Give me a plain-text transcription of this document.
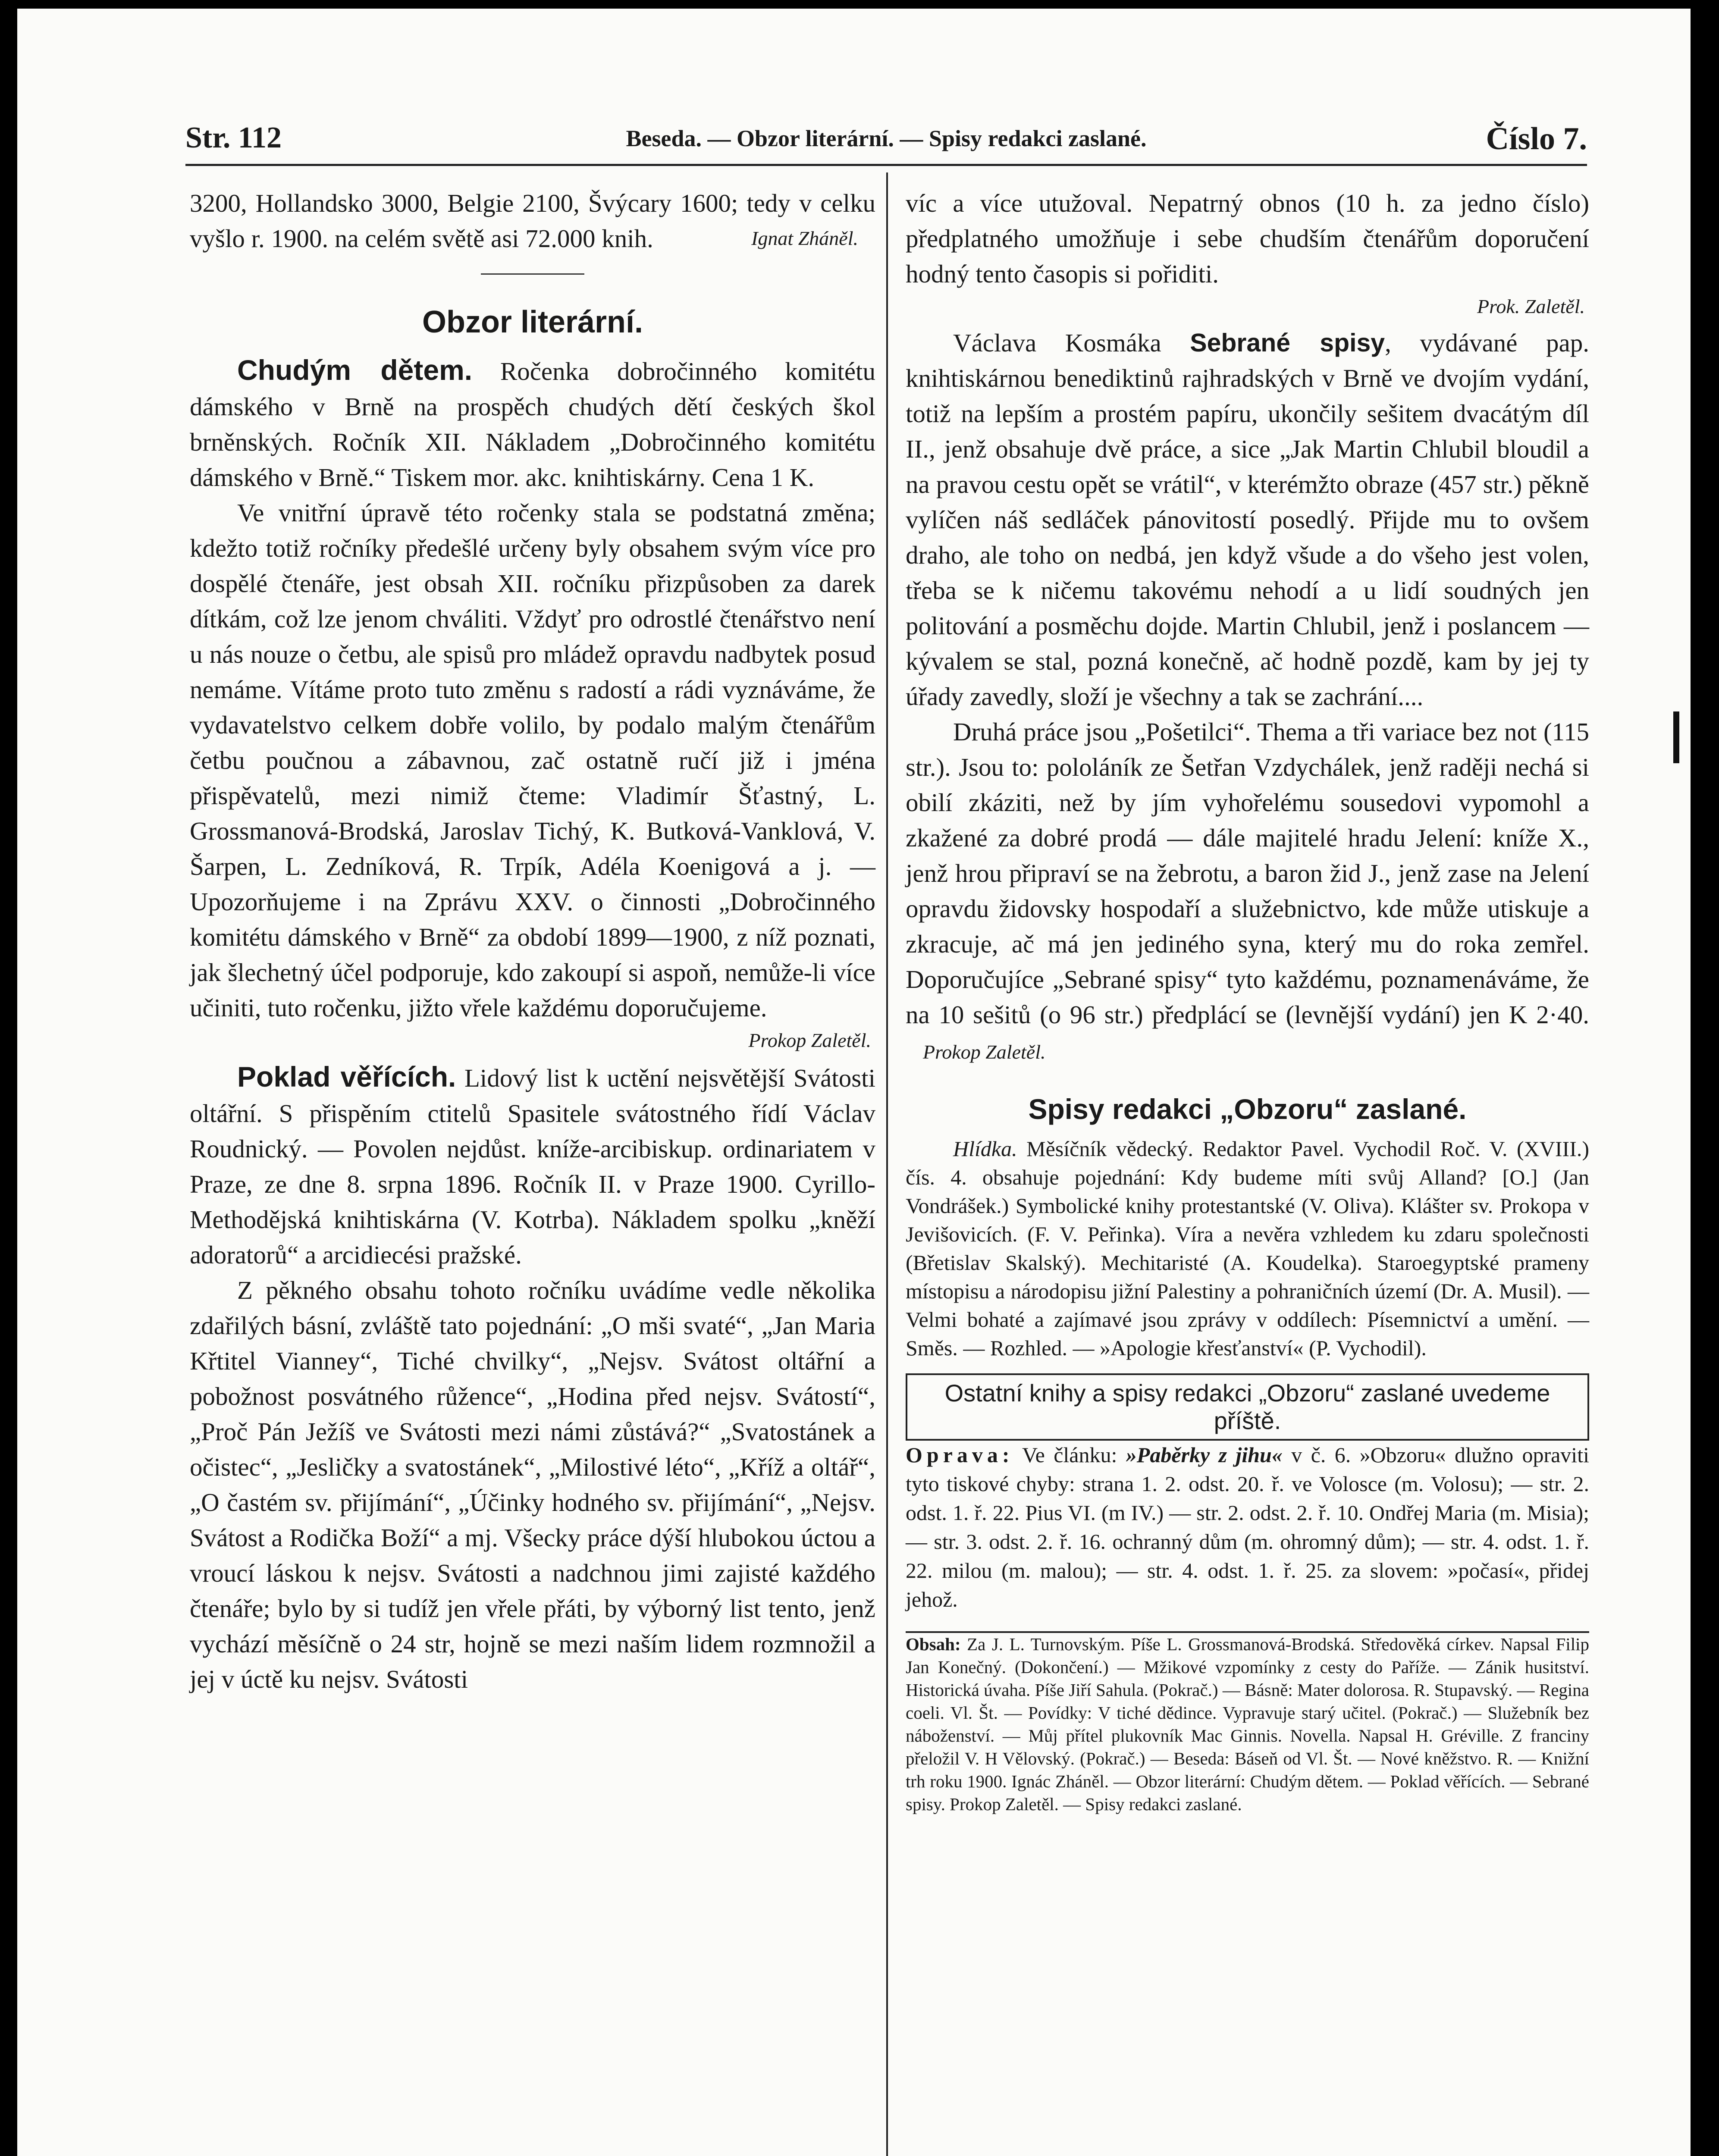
Str. 112	Beseda. — Obzor literární. — Spisy redakci zaslané.	Číslo 7.

3200, Hollandsko 3000, Belgie 2100, Švýcary 1600; tedy v celku vyšlo r. 1900. na celém světě asi 72.000 knih.	Ignat Zháněl.

Obzor literární.

Chudým dětem. Ročenka dobročinného komitétu dámského v Brně na prospěch chudých dětí českých škol brněnských. Ročník XII. Nákladem „Dobročinného komitétu dámského v Brně.“ Tiskem mor. akc. knihtiskárny. Cena 1 K.

Ve vnitřní úpravě této ročenky stala se podstatná změna; kdežto totiž ročníky předešlé určeny byly obsahem svým více pro dospělé čtenáře, jest obsah XII. ročníku přizpůsoben za darek dítkám, což lze jenom chváliti. Vždyť pro odrostlé čtenářstvo není u nás nouze o četbu, ale spisů pro mládež opravdu nadbytek posud nemáme. Vítáme proto tuto změnu s radostí a rádi vyznáváme, že vydavatelstvo celkem dobře volilo, by podalo malým čtenářům četbu poučnou a zábavnou, zač ostatně ručí již i jména přispěvatelů, mezi nimiž čteme: Vladimír Šťastný, L. Grossmanová-Brodská, Jaroslav Tichý, K. Butková-Vanklová, V. Šarpen, L. Zedníková, R. Trpík, Adéla Koenigová a j. — Upozorňujeme i na Zprávu XXV. o činnosti „Dobročinného komitétu dámského v Brně“ za období 1899—1900, z níž poznati, jak šlechetný účel podporuje, kdo zakoupí si aspoň, nemůže-li více učiniti, tuto ročenku, jižto vřele každému doporučujeme.

Prokop Zaletěl.

Poklad věřících. Lidový list k uctění nejsvětější Svátosti oltářní. S přispěním ctitelů Spasitele svátostného řídí Václav Roudnický. — Povolen nejdůst. kníže-arcibiskup. ordinariatem v Praze, ze dne 8. srpna 1896. Ročník II. v Praze 1900. Cyrillo-Methodějská knihtiskárna (V. Kotrba). Nákladem spolku „kněží adoratorů“ a arcidiecési pražské.

Z pěkného obsahu tohoto ročníku uvádíme vedle několika zdařilých básní, zvláště tato pojednání: „O mši svaté“, „Jan Maria Křtitel Vianney“, Tiché chvilky“, „Nejsv. Svátost oltářní a pobožnost posvátného růžence“, „Hodina před nejsv. Svátostí“, „Proč Pán Ježíš ve Svátosti mezi námi zůstává?“ „Svatostánek a očistec“, „Jesličky a svatostánek“, „Milostivé léto“, „Kříž a oltář“, „O častém sv. přijímání“, „Účinky hodného sv. přijímání“, „Nejsv. Svátost a Rodička Boží“ a mj. Všecky práce dýší hlubokou úctou a vroucí láskou k nejsv. Svátosti a nadchnou jimi zajisté každého čtenáře; bylo by si tudíž jen vřele přáti, by výborný list tento, jenž vychází měsíčně o 24 str, hojně se mezi naším lidem rozmnožil a jej v úctě ku nejsv. Svátosti

víc a více utužoval. Nepatrný obnos (10 h. za jedno číslo) předplatného umožňuje i sebe chudším čtenářům doporučení hodný tento časopis si pořiditi.

Prok. Zaletěl.

Václava Kosmáka Sebrané spisy, vydávané pap. knihtiskárnou benediktinů rajhradských v Brně ve dvojím vydání, totiž na lepším a prostém papíru, ukončily sešitem dvacátým díl II., jenž obsahuje dvě práce, a sice „Jak Martin Chlubil bloudil a na pravou cestu opět se vrátil“, v kterémžto obraze (457 str.) pěkně vylíčen náš sedláček pánovitostí posedlý. Přijde mu to ovšem draho, ale toho on nedbá, jen když všude a do všeho jest volen, třeba se k ničemu takovému nehodí a u lidí soudných jen politování a posměchu dojde. Martin Chlubil, jenž i poslancem — kývalem se stal, pozná konečně, ač hodně pozdě, kam by jej ty úřady zavedly, složí je všechny a tak se zachrání....

Druhá práce jsou „Pošetilci“. Thema a tři variace bez not (115 str.). Jsou to: pololáník ze Šetřan Vzdychálek, jenž raději nechá si obilí zkáziti, než by jím vyhořelému sousedovi vypomohl a zkažené za dobré prodá — dále majitelé hradu Jelení: kníže X., jenž hrou připraví se na žebrotu, a baron žid J., jenž zase na Jelení opravdu židovsky hospodaří a služebnictvo, kde může utiskuje a zkracuje, ač má jen jediného syna, který mu do roka zemřel. Doporučujíce „Sebrané spisy“ tyto každému, poznamenáváme, že na 10 sešitů (o 96 str.) předplácí se (levnější vydání) jen K 2·40. Prokop Zaletěl.

Spisy redakci „Obzoru“ zaslané.

Hlídka. Měsíčník vědecký. Redaktor Pavel. Vychodil Roč. V. (XVIII.) čís. 4. obsahuje pojednání: Kdy budeme míti svůj Alland? [O.] (Jan Vondrášek.) Symbolické knihy protestantské (V. Oliva). Klášter sv. Prokopa v Jevišovicích. (F. V. Peřinka). Víra a nevěra vzhledem ku zdaru společnosti (Břetislav Skalský). Mechitaristé (A. Koudelka). Staroegyptské prameny místopisu a národopisu jižní Palestiny a pohraničních území (Dr. A. Musil). — Velmi bohaté a zajímavé jsou zprávy v oddílech: Písemnictví a umění. — Směs. — Rozhled. — »Apologie křesťanství« (P. Vychodil).

Ostatní knihy a spisy redakci „Obzoru“ zaslané uvedeme příště.

Oprava: Ve článku: »Paběrky z jihu« v č. 6. »Obzoru« dlužno opraviti tyto tiskové chyby: strana 1. 2. odst. 20. ř. ve Volosce (m. Volosu); — str. 2. odst. 1. ř. 22. Pius VI. (m IV.) — str. 2. odst. 2. ř. 10. Ondřej Maria (m. Misia); — str. 3. odst. 2. ř. 16. ochranný dům (m. ohromný dům); — str. 4. odst. 1. ř. 22. milou (m. malou); — str. 4. odst. 1. ř. 25. za slovem: »počasí«, přidej jehož.

Obsah: Za J. L. Turnovským. Píše L. Grossmanová-Brodská. Středověká církev. Napsal Filip Jan Konečný. (Dokončení.) — Mžikové vzpomínky z cesty do Paříže. — Zánik husitství. Historická úvaha. Píše Jiří Sahula. (Pokrač.) — Básně: Mater dolorosa. R. Stupavský. — Regina coeli. Vl. Št. — Povídky: V tiché dědince. Vypravuje starý učitel. (Pokrač.) — Služebník bez náboženství. — Můj přítel plukovník Mac Ginnis. Novella. Napsal H. Gréville. Z franciny přeložil V. H Vělovský. (Pokrač.) — Beseda: Báseň od Vl. Št. — Nové kněžstvo. R. — Knižní trh roku 1900. Ignác Zháněl. — Obzor literární: Chudým dětem. — Poklad věřících. — Sebrané spisy. Prokop Zaletěl. — Spisy redakci zaslané.
